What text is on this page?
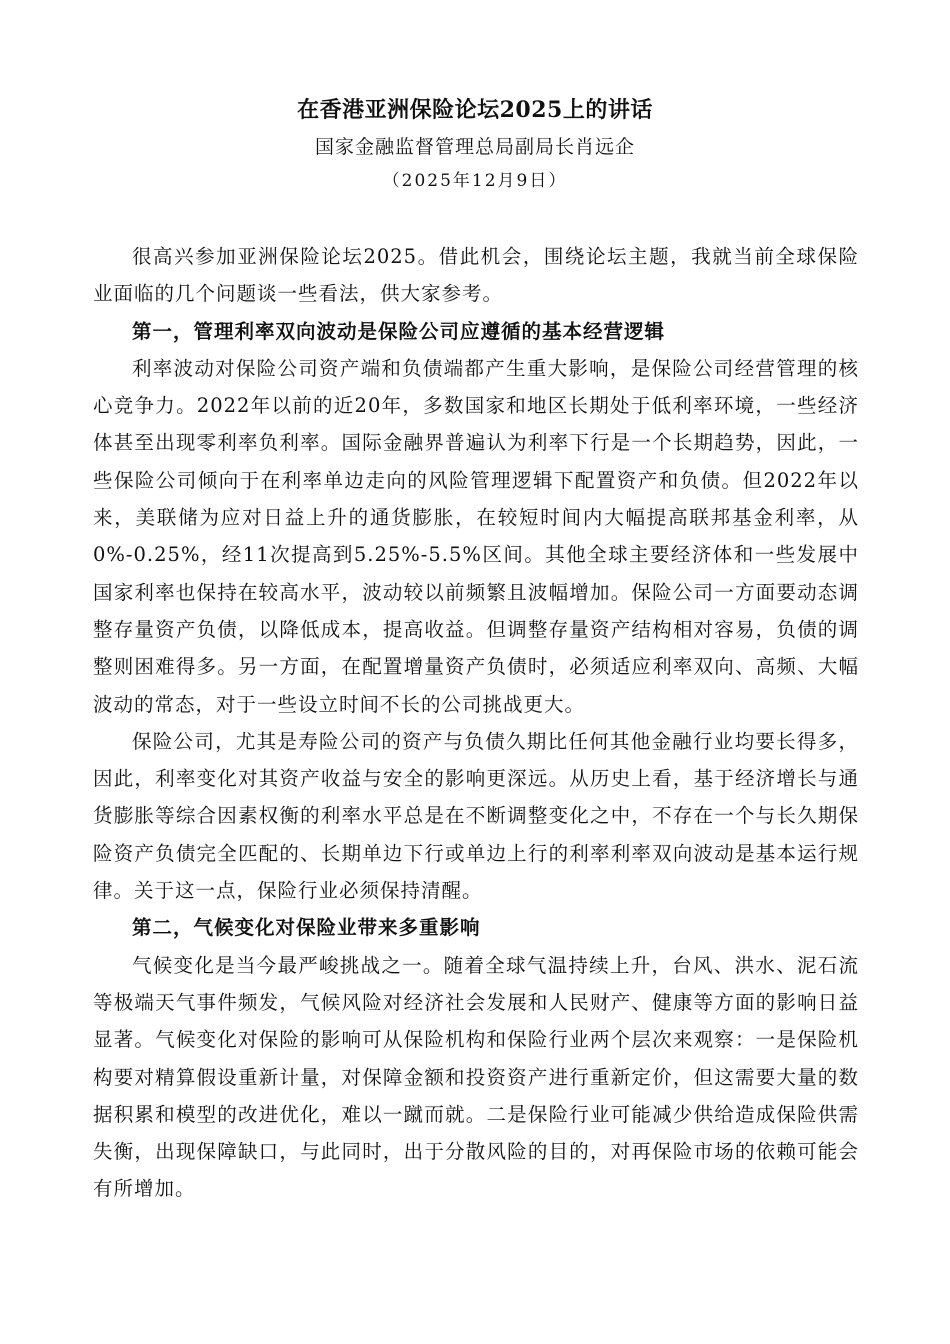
在香港亚洲保险论坛2025上的讲话
国家金融监督管理总局副局长肖远企
（2025年12月9日）

很高兴参加亚洲保险论坛2025。借此机会，围绕论坛主题，我就当前全球保险业面临的几个问题谈一些看法，供大家参考。

第一，管理利率双向波动是保险公司应遵循的基本经营逻辑

利率波动对保险公司资产端和负债端都产生重大影响，是保险公司经营管理的核心竞争力。2022年以前的近20年，多数国家和地区长期处于低利率环境，一些经济体甚至出现零利率负利率。国际金融界普遍认为利率下行是一个长期趋势，因此，一些保险公司倾向于在利率单边走向的风险管理逻辑下配置资产和负债。但2022年以来，美联储为应对日益上升的通货膨胀，在较短时间内大幅提高联邦基金利率，从0%-0.25%，经11次提高到5.25%-5.5%区间。其他全球主要经济体和一些发展中国家利率也保持在较高水平，波动较以前频繁且波幅增加。保险公司一方面要动态调整存量资产负债，以降低成本，提高收益。但调整存量资产结构相对容易，负债的调整则困难得多。另一方面，在配置增量资产负债时，必须适应利率双向、高频、大幅波动的常态，对于一些设立时间不长的公司挑战更大。

保险公司，尤其是寿险公司的资产与负债久期比任何其他金融行业均要长得多，因此，利率变化对其资产收益与安全的影响更深远。从历史上看，基于经济增长与通货膨胀等综合因素权衡的利率水平总是在不断调整变化之中，不存在一个与长久期保险资产负债完全匹配的、长期单边下行或单边上行的利率利率双向波动是基本运行规律。关于这一点，保险行业必须保持清醒。

第二，气候变化对保险业带来多重影响

气候变化是当今最严峻挑战之一。随着全球气温持续上升，台风、洪水、泥石流等极端天气事件频发，气候风险对经济社会发展和人民财产、健康等方面的影响日益显著。气候变化对保险的影响可从保险机构和保险行业两个层次来观察：一是保险机构要对精算假设重新计量，对保障金额和投资资产进行重新定价，但这需要大量的数据积累和模型的改进优化，难以一蹴而就。二是保险行业可能减少供给造成保险供需失衡，出现保障缺口，与此同时，出于分散风险的目的，对再保险市场的依赖可能会有所增加。
